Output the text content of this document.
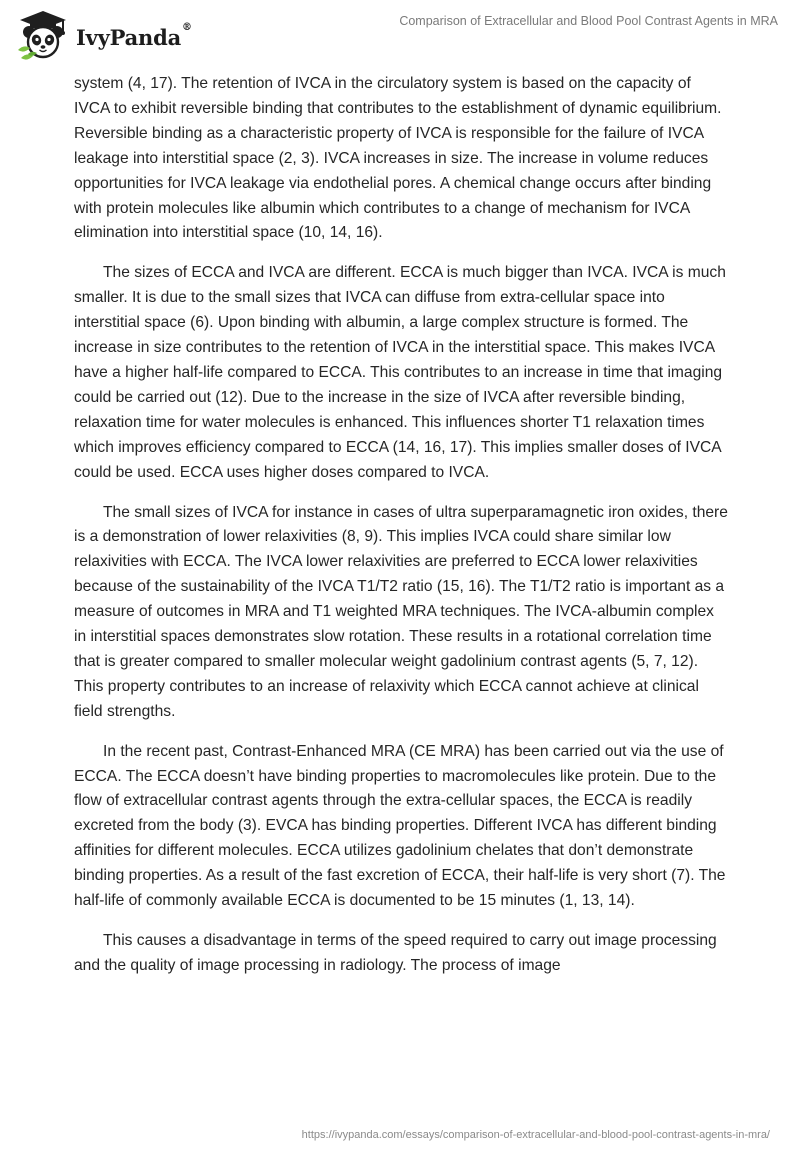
IvyPanda®	Comparison of Extracellular and Blood Pool Contrast Agents in MRA

system (4, 17). The retention of IVCA in the circulatory system is based on the capacity of IVCA to exhibit reversible binding that contributes to the establishment of dynamic equilibrium. Reversible binding as a characteristic property of IVCA is responsible for the failure of IVCA leakage into interstitial space (2, 3). IVCA increases in size. The increase in volume reduces opportunities for IVCA leakage via endothelial pores. A chemical change occurs after binding with protein molecules like albumin which contributes to a change of mechanism for IVCA elimination into interstitial space (10, 14, 16).

The sizes of ECCA and IVCA are different. ECCA is much bigger than IVCA. IVCA is much smaller. It is due to the small sizes that IVCA can diffuse from extra-cellular space into interstitial space (6). Upon binding with albumin, a large complex structure is formed. The increase in size contributes to the retention of IVCA in the interstitial space. This makes IVCA have a higher half-life compared to ECCA. This contributes to an increase in time that imaging could be carried out (12). Due to the increase in the size of IVCA after reversible binding, relaxation time for water molecules is enhanced. This influences shorter T1 relaxation times which improves efficiency compared to ECCA (14, 16, 17). This implies smaller doses of IVCA could be used. ECCA uses higher doses compared to IVCA.

The small sizes of IVCA for instance in cases of ultra superparamagnetic iron oxides, there is a demonstration of lower relaxivities (8, 9). This implies IVCA could share similar low relaxivities with ECCA. The IVCA lower relaxivities are preferred to ECCA lower relaxivities because of the sustainability of the IVCA T1/T2 ratio (15, 16). The T1/T2 ratio is important as a measure of outcomes in MRA and T1 weighted MRA techniques. The IVCA-albumin complex in interstitial spaces demonstrates slow rotation. These results in a rotational correlation time that is greater compared to smaller molecular weight gadolinium contrast agents (5, 7, 12). This property contributes to an increase of relaxivity which ECCA cannot achieve at clinical field strengths.

In the recent past, Contrast-Enhanced MRA (CE MRA) has been carried out via the use of ECCA. The ECCA doesn’t have binding properties to macromolecules like protein. Due to the flow of extracellular contrast agents through the extra-cellular spaces, the ECCA is readily excreted from the body (3). EVCA has binding properties. Different IVCA has different binding affinities for different molecules. ECCA utilizes gadolinium chelates that don’t demonstrate binding properties. As a result of the fast excretion of ECCA, their half-life is very short (7). The half-life of commonly available ECCA is documented to be 15 minutes (1, 13, 14).

This causes a disadvantage in terms of the speed required to carry out image processing and the quality of image processing in radiology. The process of image

https://ivypanda.com/essays/comparison-of-extracellular-and-blood-pool-contrast-agents-in-mra/
